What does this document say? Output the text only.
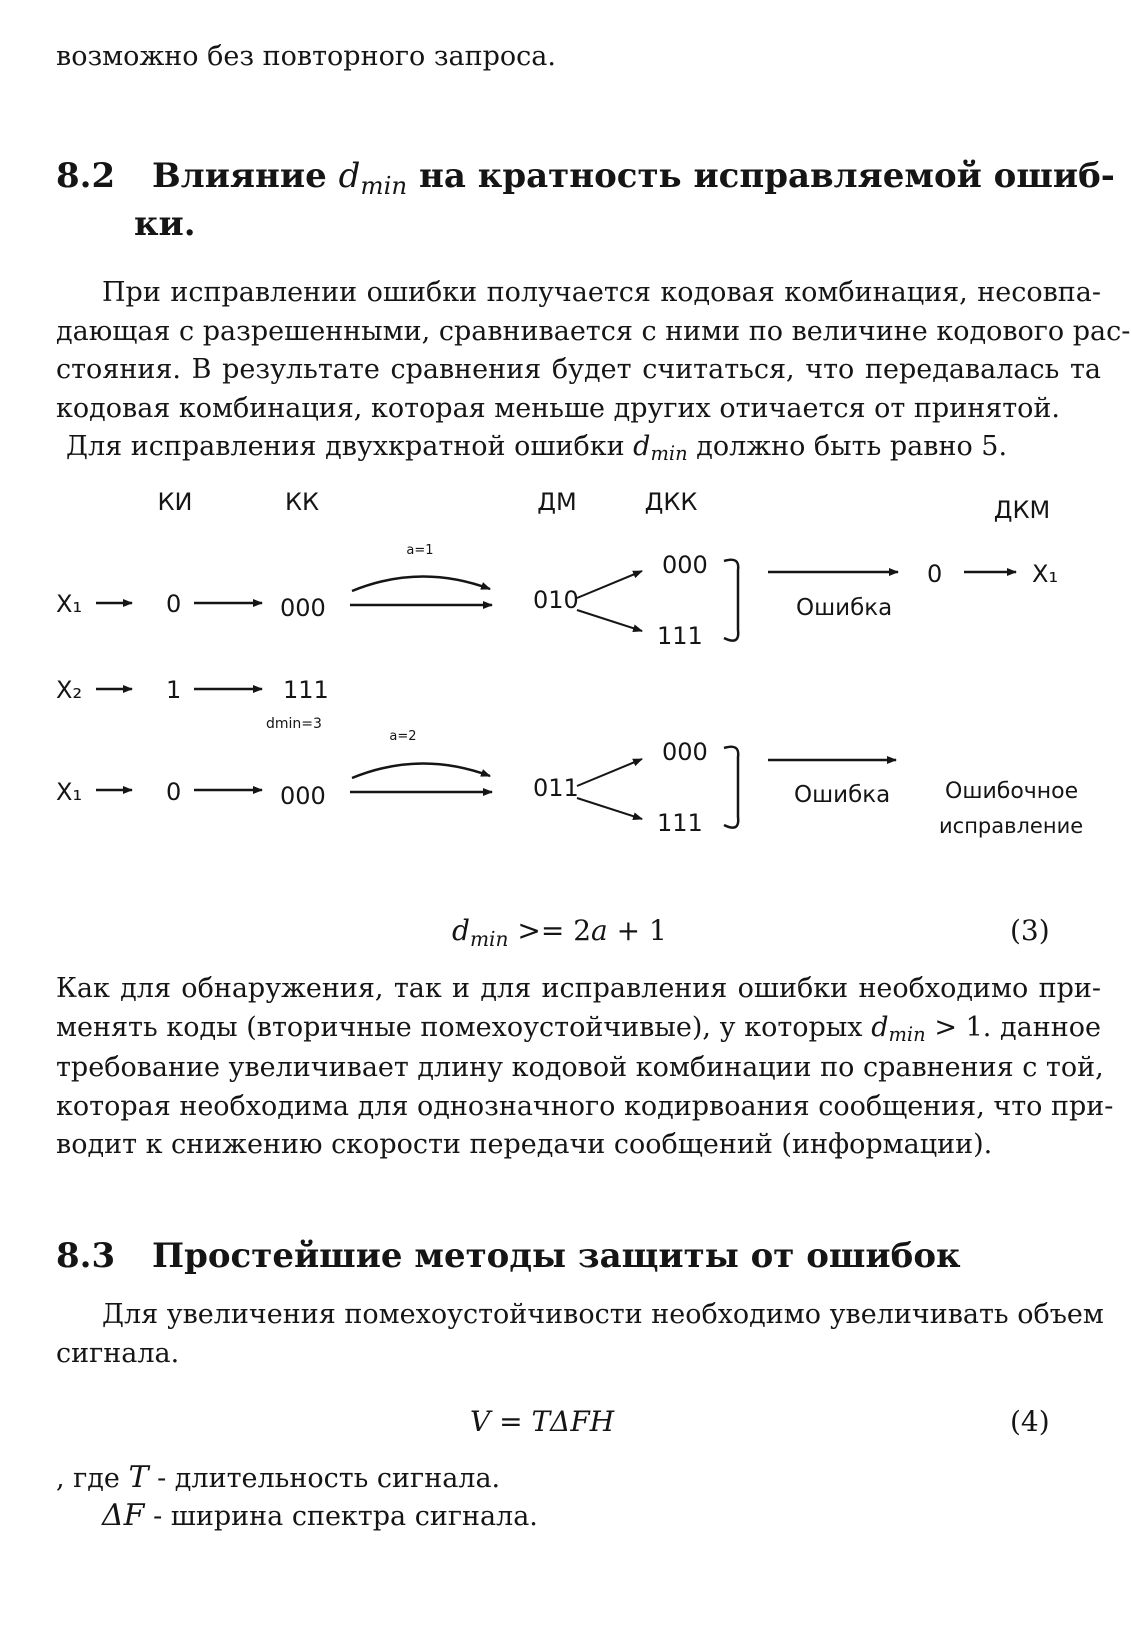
возможно без повторного запроса.
8.2 Влияние $d_{min}$ на кратность исправляемой ошиб-
ки.
При исправлении ошибки получается кодовая комбинация, несовпа-
дающая с разрешенными, сравнивается с ними по величине кодового рас-
стояния. В результате сравнения будет считаться, что передавалась та
кодовая комбинация, которая меньше других отичается от принятой.
Для исправления двухкратной ошибки $d_{min}$ должно быть равно 5.
КИ	КК	ДМ	ДКК	ДКМ
X₁	0	000
a=1
010
000
111
Ошибка
0	X₁
X₂	1	111
dmin=3
a=2
X₁	0	000	011
000
111
Ошибка Ошибочное
исправление
$d_{min} >= 2a + 1$	(3)
Как для обнаружения, так и для исправления ошибки необходимо при-
менять коды (вторичные помехоустойчивые), у которых $d_{min} > 1$. данное
требование увеличивает длину кодовой комбинации по сравнения с той,
которая необходима для однозначного кодирвоания сообщения, что при-
водит к снижению скорости передачи сообщений (информации).
8.3 Простейшие методы защиты от ошибок
Для увеличения помехоустойчивости необходимо увеличивать объем
сигнала.
V = TΔFH	(4)
, где T - длительность сигнала.
ΔF - ширина спектра сигнала.
